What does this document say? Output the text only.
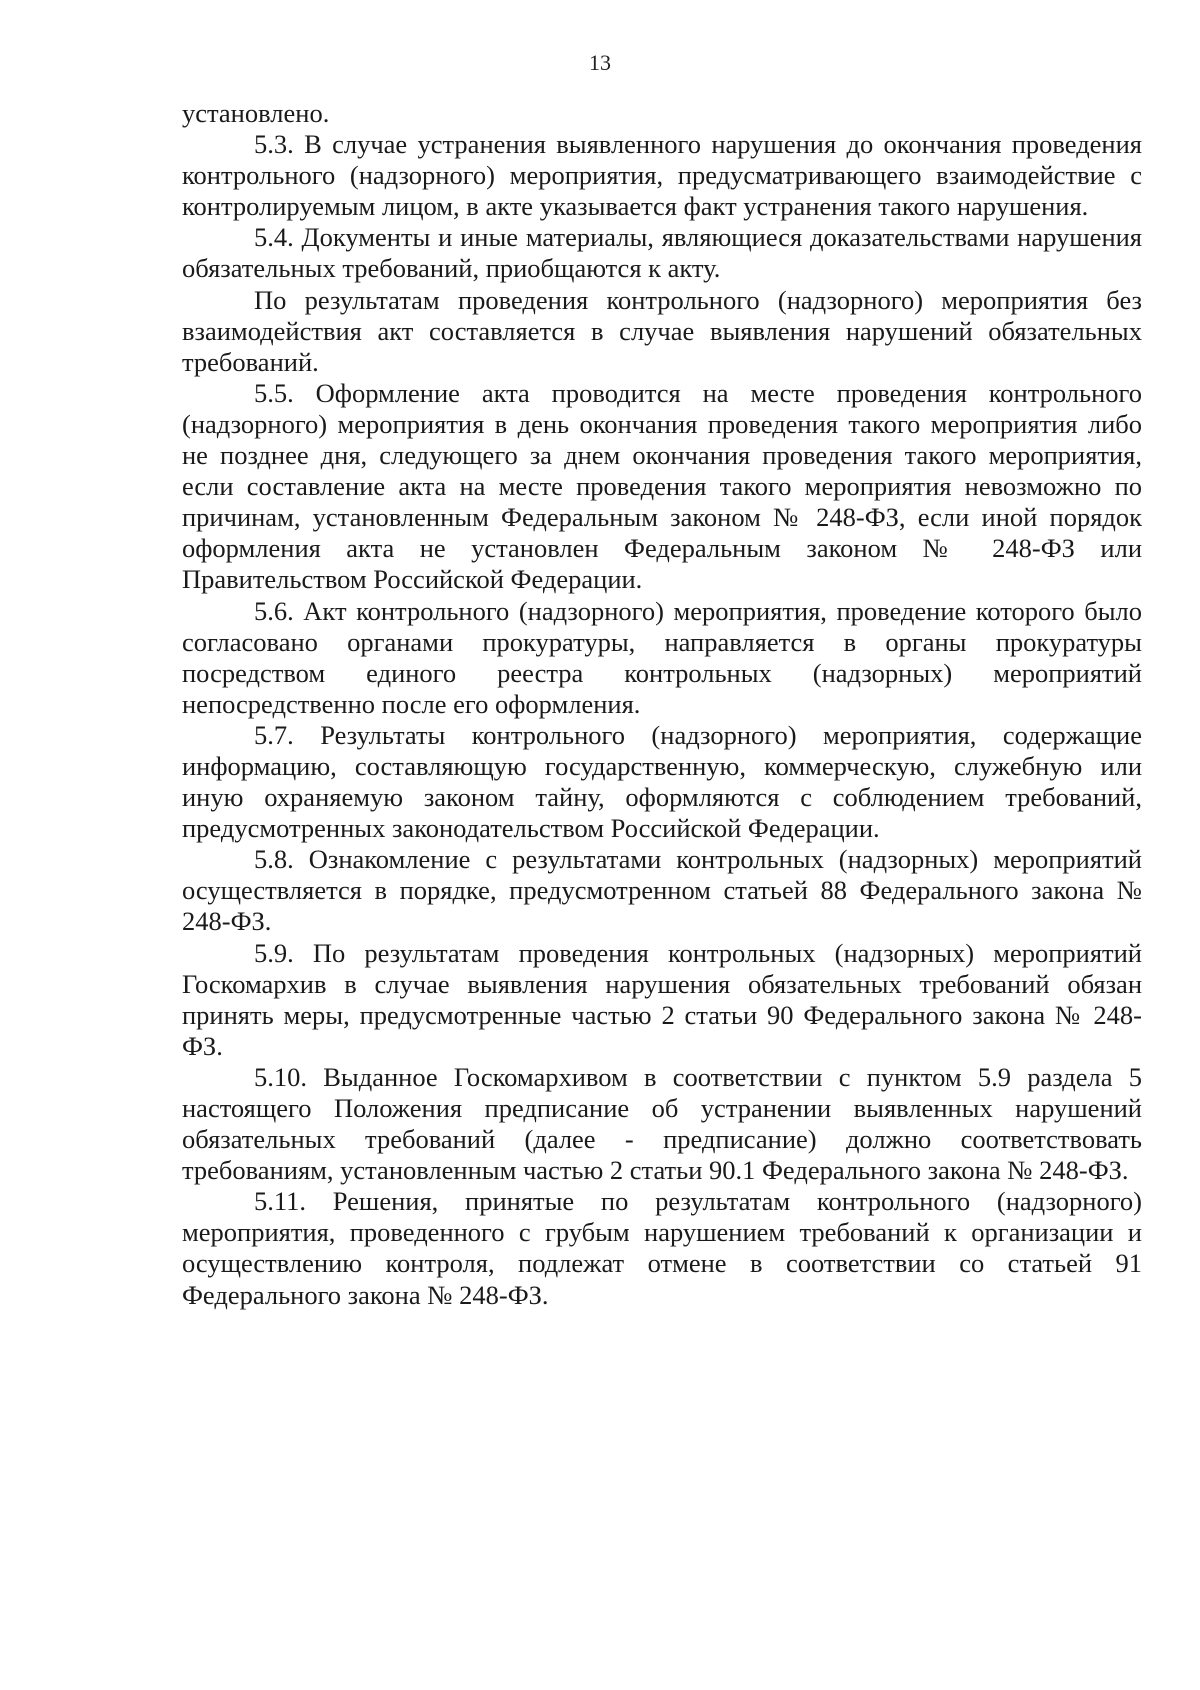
13

установлено.

5.3. В случае устранения выявленного нарушения до окончания проведения контрольного (надзорного) мероприятия, предусматривающего взаимодействие с контролируемым лицом, в акте указывается факт устранения такого нарушения.

5.4. Документы и иные материалы, являющиеся доказательствами нарушения обязательных требований, приобщаются к акту.

По результатам проведения контрольного (надзорного) мероприятия без взаимодействия акт составляется в случае выявления нарушений обязательных требований.

5.5. Оформление акта проводится на месте проведения контрольного (надзорного) мероприятия в день окончания проведения такого мероприятия либо не позднее дня, следующего за днем окончания проведения такого мероприятия, если составление акта на месте проведения такого мероприятия невозможно по причинам, установленным Федеральным законом № 248-ФЗ, если иной порядок оформления акта не установлен Федеральным законом № 248-ФЗ или Правительством Российской Федерации.

5.6. Акт контрольного (надзорного) мероприятия, проведение которого было согласовано органами прокуратуры, направляется в органы прокуратуры посредством единого реестра контрольных (надзорных) мероприятий непосредственно после его оформления.

5.7. Результаты контрольного (надзорного) мероприятия, содержащие информацию, составляющую государственную, коммерческую, служебную или иную охраняемую законом тайну, оформляются с соблюдением требований, предусмотренных законодательством Российской Федерации.

5.8. Ознакомление с результатами контрольных (надзорных) мероприятий осуществляется в порядке, предусмотренном статьей 88 Федерального закона № 248-ФЗ.

5.9. По результатам проведения контрольных (надзорных) мероприятий Госкомархив в случае выявления нарушения обязательных требований обязан принять меры, предусмотренные частью 2 статьи 90 Федерального закона № 248-ФЗ.

5.10. Выданное Госкомархивом в соответствии с пунктом 5.9 раздела 5 настоящего Положения предписание об устранении выявленных нарушений обязательных требований (далее - предписание) должно соответствовать требованиям, установленным частью 2 статьи 90.1 Федерального закона № 248-ФЗ.

5.11. Решения, принятые по результатам контрольного (надзорного) мероприятия, проведенного с грубым нарушением требований к организации и осуществлению контроля, подлежат отмене в соответствии со статьей 91 Федерального закона № 248-ФЗ.
